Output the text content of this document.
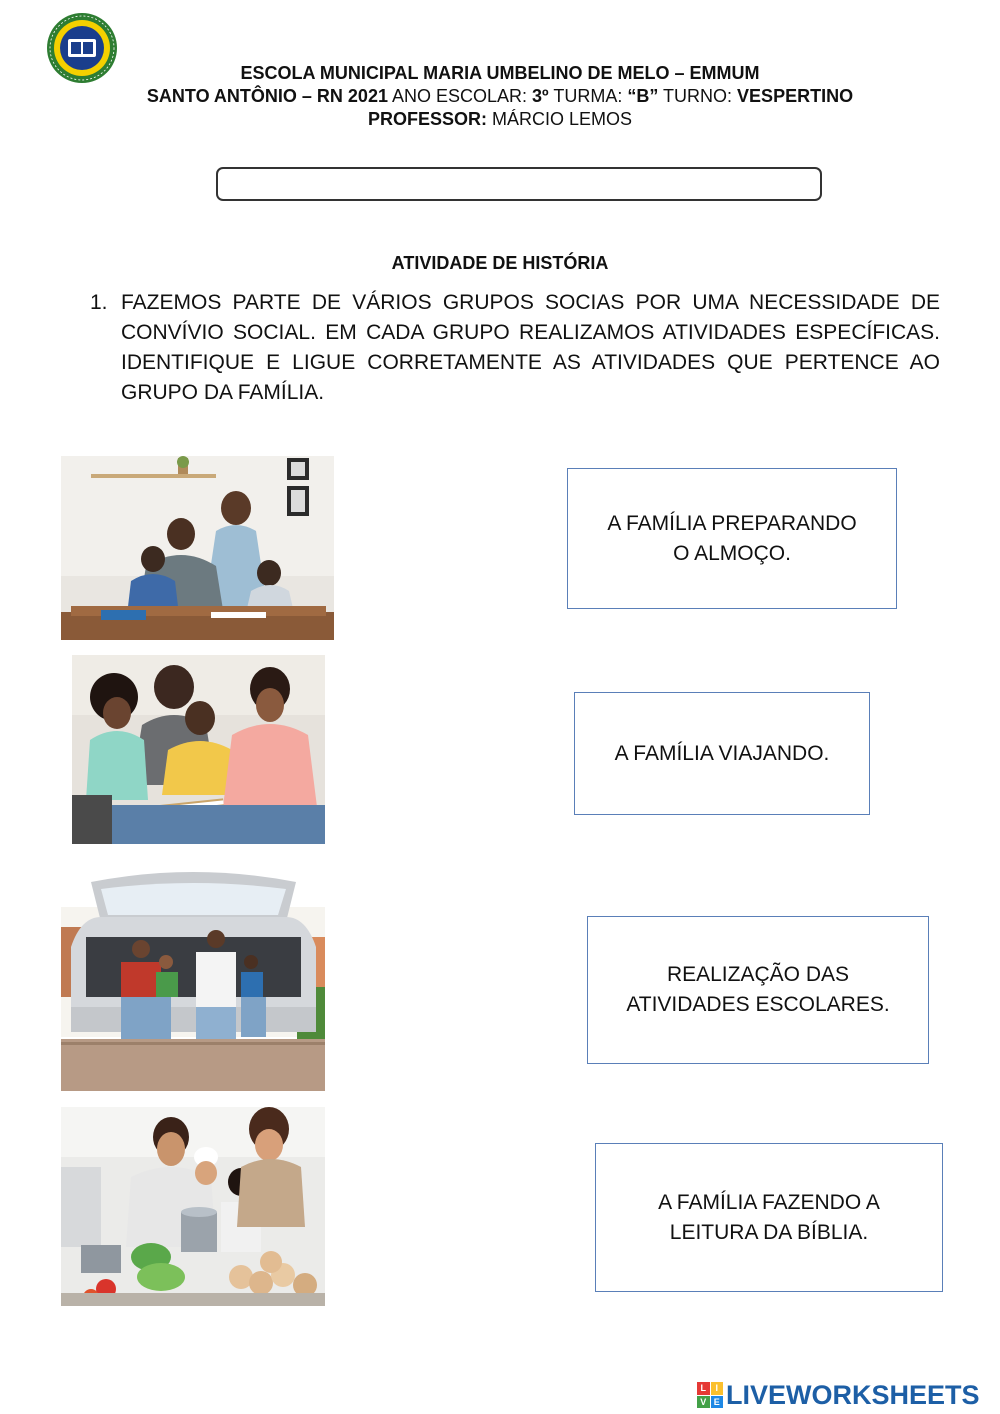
ESCOLA MUNICIPAL MARIA UMBELINO DE MELO – EMMUM
SANTO ANTÔNIO – RN 2021 ANO ESCOLAR: 3º TURMA: “B” TURNO: VESPERTINO
PROFESSOR: MÁRCIO LEMOS
ATIVIDADE DE HISTÓRIA
1. FAZEMOS PARTE DE VÁRIOS GRUPOS SOCIAS POR UMA NECESSIDADE DE CONVÍVIO SOCIAL. EM CADA GRUPO REALIZAMOS ATIVIDADES ESPECÍFICAS. IDENTIFIQUE E LIGUE CORRETAMENTE AS ATIVIDADES QUE PERTENCE AO GRUPO DA FAMÍLIA.
A FAMÍLIA PREPARANDO
O ALMOÇO.
A FAMÍLIA VIAJANDO.
REALIZAÇÃO DAS
ATIVIDADES ESCOLARES.
A FAMÍLIA FAZENDO A
LEITURA DA BÍBLIA.
L	I
V E LIVEWORKSHEETS
